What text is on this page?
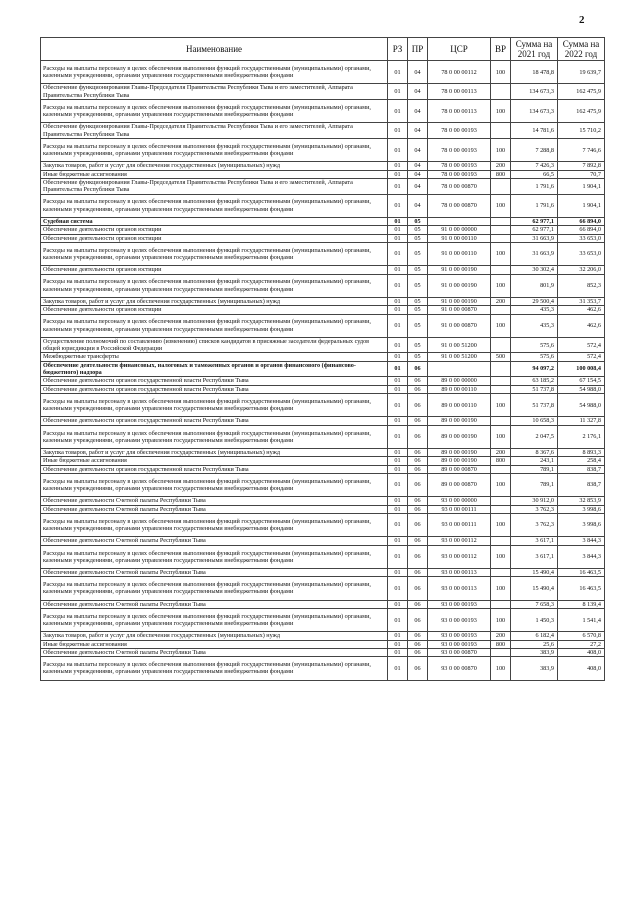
2
Наименование	РЗ	ПР	ЦСР	ВР	Сумма на 2021 год	Сумма на 2022 год
Расходы на выплаты персоналу в целях обеспечения выполнения функций государственными (муниципальными) органами, казенными учреждениями, органами управления государственными внебюджетными фондами	01	04	78 0 00 00112	100	18 478,8	19 639,7
Обеспечение функционирования Главы-Председателя Правительства Республики Тыва и его заместителей, Аппарата Правительства Республики Тыва	01	04	78 0 00 00113		134 673,3	162 475,9
Расходы на выплаты персоналу в целях обеспечения выполнения функций государственными (муниципальными) органами, казенными учреждениями, органами управления государственными внебюджетными фондами	01	04	78 0 00 00113	100	134 673,3	162 475,9
Обеспечение функционирования Главы-Председателя Правительства Республики Тыва и его заместителей, Аппарата Правительства Республики Тыва	01	04	78 0 00 00193		14 781,6	15 710,2
Расходы на выплаты персоналу в целях обеспечения выполнения функций государственными (муниципальными) органами, казенными учреждениями, органами управления государственными внебюджетными фондами	01	04	78 0 00 00193	100	7 288,8	7 746,6
Закупка товаров, работ и услуг для обеспечения государственных (муниципальных) нужд	01	04	78 0 00 00193	200	7 426,3	7 892,8
Иные бюджетные ассигнования	01	04	78 0 00 00193	800	66,5	70,7
Обеспечение функционирования Главы-Председателя Правительства Республики Тыва и его заместителей, Аппарата Правительства Республики Тыва	01	04	78 0 00 00870		1 791,6	1 904,1
Расходы на выплаты персоналу в целях обеспечения выполнения функций государственными (муниципальными) органами, казенными учреждениями, органами управления государственными внебюджетными фондами	01	04	78 0 00 00870	100	1 791,6	1 904,1
Судебная система	01	05			62 977,1	66 894,0
Обеспечение деятельности органов юстиции	01	05	91 0 00 00000		62 977,1	66 894,0
Обеспечение деятельности органов юстиции	01	05	91 0 00 00110		31 663,9	33 653,0
Расходы на выплаты персоналу в целях обеспечения выполнения функций государственными (муниципальными) органами, казенными учреждениями, органами управления государственными внебюджетными фондами	01	05	91 0 00 00110	100	31 663,9	33 653,0
Обеспечение деятельности органов юстиции	01	05	91 0 00 00190		30 302,4	32 206,0
Расходы на выплаты персоналу в целях обеспечения выполнения функций государственными (муниципальными) органами, казенными учреждениями, органами управления государственными внебюджетными фондами	01	05	91 0 00 00190	100	801,9	852,3
Закупка товаров, работ и услуг для обеспечения государственных (муниципальных) нужд	01	05	91 0 00 00190	200	29 500,4	31 353,7
Обеспечение деятельности органов юстиции	01	05	91 0 00 00870		435,3	462,6
Расходы на выплаты персоналу в целях обеспечения выполнения функций государственными (муниципальными) органами, казенными учреждениями, органами управления государственными внебюджетными фондами	01	05	91 0 00 00870	100	435,3	462,6
Осуществление полномочий по составлению (изменению) списков кандидатов в присяжные заседатели федеральных судов общей юрисдикции в Российской Федерации	01	05	91 0 00 51200		575,6	572,4
Межбюджетные трансферты	01	05	91 0 00 51200	500	575,6	572,4
Обеспечение деятельности финансовых, налоговых и таможенных органов и органов финансового (финансово-бюджетного) надзора	01	06			94 097,2	100 008,4
Обеспечение деятельности органов государственной власти Республики Тыва	01	06	89 0 00 00000		63 185,2	67 154,5
Обеспечение деятельности органов государственной власти Республики Тыва	01	06	89 0 00 00110		51 737,8	54 988,0
Расходы на выплаты персоналу в целях обеспечения выполнения функций государственными (муниципальными) органами, казенными учреждениями, органами управления государственными внебюджетными фондами	01	06	89 0 00 00110	100	51 737,8	54 988,0
Обеспечение деятельности органов государственной власти Республики Тыва	01	06	89 0 00 00190		10 658,3	11 327,8
Расходы на выплаты персоналу в целях обеспечения выполнения функций государственными (муниципальными) органами, казенными учреждениями, органами управления государственными внебюджетными фондами	01	06	89 0 00 00190	100	2 047,5	2 176,1
Закупка товаров, работ и услуг для обеспечения государственных (муниципальных) нужд	01	06	89 0 00 00190	200	8 367,6	8 893,3
Иные бюджетные ассигнования	01	06	89 0 00 00190	800	243,1	258,4
Обеспечение деятельности органов государственной власти Республики Тыва	01	06	89 0 00 00870		789,1	838,7
Расходы на выплаты персоналу в целях обеспечения выполнения функций государственными (муниципальными) органами, казенными учреждениями, органами управления государственными внебюджетными фондами	01	06	89 0 00 00870	100	789,1	838,7
Обеспечение деятельности Счетной палаты Республики Тыва	01	06	93 0 00 00000		30 912,0	32 853,9
Обеспечение деятельности Счетной палаты Республики Тыва	01	06	93 0 00 00111		3 762,3	3 998,6
Расходы на выплаты персоналу в целях обеспечения выполнения функций государственными (муниципальными) органами, казенными учреждениями, органами управления государственными внебюджетными фондами	01	06	93 0 00 00111	100	3 762,3	3 998,6
Обеспечение деятельности Счетной палаты Республики Тыва	01	06	93 0 00 00112		3 617,1	3 844,3
Расходы на выплаты персоналу в целях обеспечения выполнения функций государственными (муниципальными) органами, казенными учреждениями, органами управления государственными внебюджетными фондами	01	06	93 0 00 00112	100	3 617,1	3 844,3
Обеспечение деятельности Счетной палаты Республики Тыва	01	06	93 0 00 00113		15 490,4	16 463,5
Расходы на выплаты персоналу в целях обеспечения выполнения функций государственными (муниципальными) органами, казенными учреждениями, органами управления государственными внебюджетными фондами	01	06	93 0 00 00113	100	15 490,4	16 463,5
Обеспечение деятельности Счетной палаты Республики Тыва	01	06	93 0 00 00193		7 658,3	8 139,4
Расходы на выплаты персоналу в целях обеспечения выполнения функций государственными (муниципальными) органами, казенными учреждениями, органами управления государственными внебюджетными фондами	01	06	93 0 00 00193	100	1 450,3	1 541,4
Закупка товаров, работ и услуг для обеспечения государственных (муниципальных) нужд	01	06	93 0 00 00193	200	6 182,4	6 570,8
Иные бюджетные ассигнования	01	06	93 0 00 00193	800	25,6	27,2
Обеспечение деятельности Счетной палаты Республики Тыва	01	06	93 0 00 00870		383,9	408,0
Расходы на выплаты персоналу в целях обеспечения выполнения функций государственными (муниципальными) органами, казенными учреждениями, органами управления государственными внебюджетными фондами	01	06	93 0 00 00870	100	383,9	408,0
